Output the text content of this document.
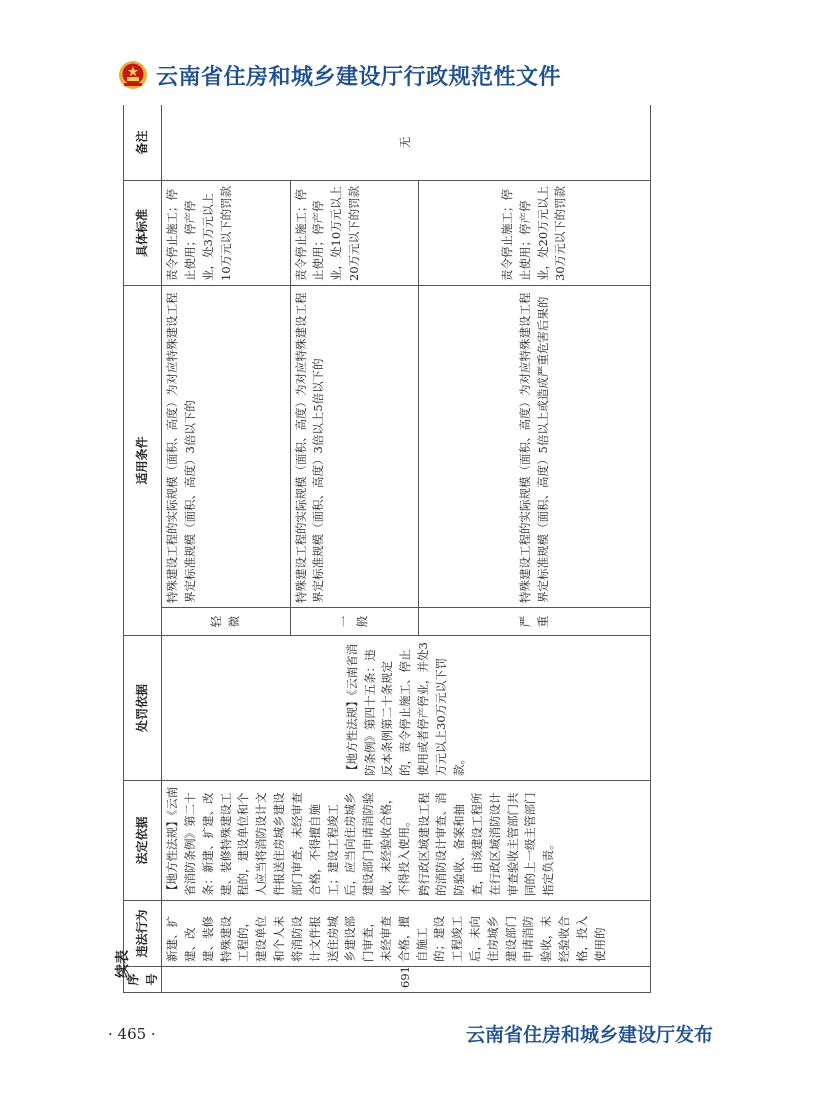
云南省住房和城乡建设厅行政规范性文件
序号	违法行为	法定依据	处罚依据	适用条件		具体标准	备注
691	新建、扩建、改建、装修特殊建设工程的，建设单位和个人未将消防设计文件报送住房城乡建设部门审查，未经审查合格，擅自施工的；建设工程竣工后，未向住房城乡建设部门申请消防验收，未经验收合格，投入使用的	【地方性法规】《云南省消防条例》第二十条：新建、扩建、改建、装修特殊建设工程的，建设单位和个人应当将消防设计文件报送住房城乡建设部门审查，未经审查合格，不得擅自施工；建设工程竣工后，应当向住房城乡建设部门申请消防验收，未经验收合格，不得投入使用。 跨行政区域建设工程的消防设计审查、消防验收、备案和抽查，由该建设工程所在行政区域消防设计审查验收主管部门共同的上一级主管部门指定负责。	【地方性法规】《云南省消防条例》第四十五条：违反本条例第二十条规定的，责令停止施工、停止使用或者停产停业，并处3万元以上30万元以下罚款。	轻微	特殊建设工程的实际规模（面积、高度）为对应特殊建设工程界定标准规模（面积、高度）3倍以下的	责令停止施工；停止使用；停产停业，处3万元以上10万元以下的罚款	无
				一般	特殊建设工程的实际规模（面积、高度）为对应特殊建设工程界定标准规模（面积、高度）3倍以上5倍以下的	责令停止施工；停止使用；停产停业，处10万元以上20万元以下的罚款	
				严重	特殊建设工程的实际规模（面积、高度）为对应特殊建设工程界定标准规模（面积、高度）5倍以上或造成严重危害后果的	责令停止施工；停止使用；停产停业，处20万元以上30万元以下的罚款	
续表
· 465 ·	云南省住房和城乡建设厅发布
